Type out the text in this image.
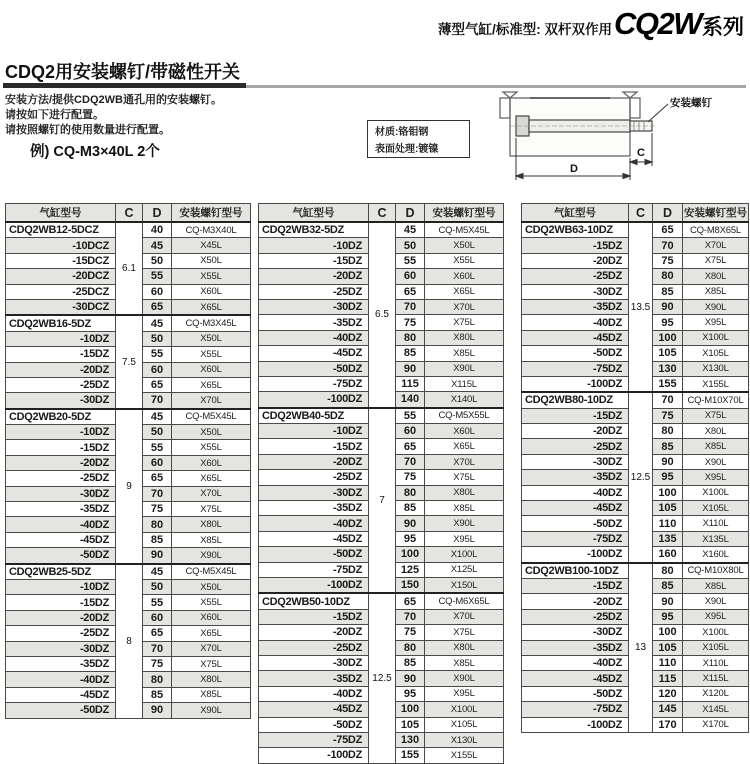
薄型气缸/标准型: 双杆双作用 CQ2W 系列
CDQ2用安装螺钉/带磁性开关
安装方法/提供CDQ2WB通孔用的安装螺钉。
请按如下进行配置。
请按照螺钉的使用数量进行配置。
例) CQ-M3×40L 2个
材质:铬钼钢
表面处理:镀镍
安装螺钉
D
C
气缸型号	C	D	安装螺钉型号
CDQ2WB12-5DCZ	6.1	40	CQ-M3X40L
-10DCZ		45	X45L
-15DCZ		50	X50L
-20DCZ		55	X55L
-25DCZ		60	X60L
-30DCZ		65	X65L
CDQ2WB16-5DZ	7.5	45	CQ-M3X45L
-10DZ		50	X50L
-15DZ		55	X55L
-20DZ		60	X60L
-25DZ		65	X65L
-30DZ		70	X70L
CDQ2WB20-5DZ	9	45	CQ-M5X45L
-10DZ		50	X50L
-15DZ		55	X55L
-20DZ		60	X60L
-25DZ		65	X65L
-30DZ		70	X70L
-35DZ		75	X75L
-40DZ		80	X80L
-45DZ		85	X85L
-50DZ		90	X90L
CDQ2WB25-5DZ	8	45	CQ-M5X45L
-10DZ		50	X50L
-15DZ		55	X55L
-20DZ		60	X60L
-25DZ		65	X65L
-30DZ		70	X70L
-35DZ		75	X75L
-40DZ		80	X80L
-45DZ		85	X85L
-50DZ		90	X90L
气缸型号	C	D	安装螺钉型号
CDQ2WB32-5DZ	6.5	45	CQ-M5X45L
-10DZ		50	X50L
-15DZ		55	X55L
-20DZ		60	X60L
-25DZ		65	X65L
-30DZ		70	X70L
-35DZ		75	X75L
-40DZ		80	X80L
-45DZ		85	X85L
-50DZ		90	X90L
-75DZ		115	X115L
-100DZ		140	X140L
CDQ2WB40-5DZ	7	55	CQ-M5X55L
-10DZ		60	X60L
-15DZ		65	X65L
-20DZ		70	X70L
-25DZ		75	X75L
-30DZ		80	X80L
-35DZ		85	X85L
-40DZ		90	X90L
-45DZ		95	X95L
-50DZ		100	X100L
-75DZ		125	X125L
-100DZ		150	X150L
CDQ2WB50-10DZ	12.5	65	CQ-M6X65L
-15DZ		70	X70L
-20DZ		75	X75L
-25DZ		80	X80L
-30DZ		85	X85L
-35DZ		90	X90L
-40DZ		95	X95L
-45DZ		100	X100L
-50DZ		105	X105L
-75DZ		130	X130L
-100DZ		155	X155L
气缸型号	C	D	安装螺钉型号
CDQ2WB63-10DZ	13.5	65	CQ-M8X65L
-15DZ		70	X70L
-20DZ		75	X75L
-25DZ		80	X80L
-30DZ		85	X85L
-35DZ		90	X90L
-40DZ		95	X95L
-45DZ		100	X100L
-50DZ		105	X105L
-75DZ		130	X130L
-100DZ		155	X155L
CDQ2WB80-10DZ	12.5	70	CQ-M10X70L
-15DZ		75	X75L
-20DZ		80	X80L
-25DZ		85	X85L
-30DZ		90	X90L
-35DZ		95	X95L
-40DZ		100	X100L
-45DZ		105	X105L
-50DZ		110	X110L
-75DZ		135	X135L
-100DZ		160	X160L
CDQ2WB100-10DZ	13	80	CQ-M10X80L
-15DZ		85	X85L
-20DZ		90	X90L
-25DZ		95	X95L
-30DZ		100	X100L
-35DZ		105	X105L
-40DZ		110	X110L
-45DZ		115	X115L
-50DZ		120	X120L
-75DZ		145	X145L
-100DZ		170	X170L
